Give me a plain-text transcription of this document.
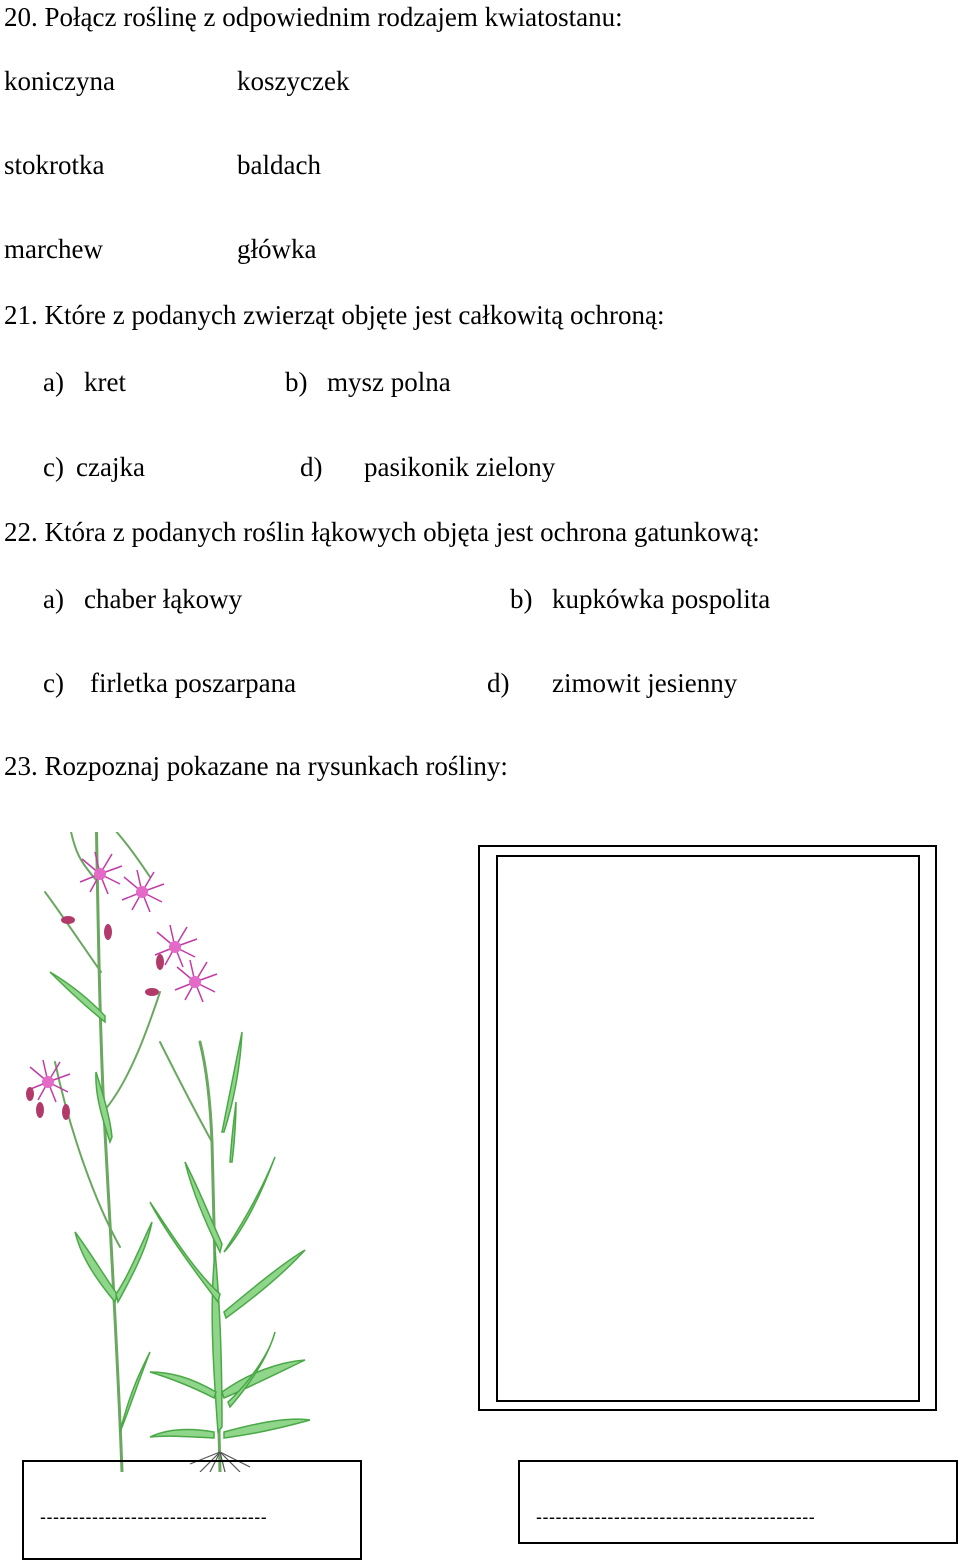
20. Połącz roślinę z odpowiednim rodzajem kwiatostanu:
koniczyna	koszyczek
stokrotka	baldach
marchew	główka
21. Które z podanych zwierząt objęte jest całkowitą ochroną:
a) kret	b) mysz polna
c) czajka	d) pasikonik zielony
22. Która z podanych roślin łąkowych objęta jest ochrona gatunkową:
a) chaber łąkowy	b) kupkówka pospolita
c) firletka poszarpana	d) zimowit jesienny
23. Rozpoznaj pokazane na rysunkach rośliny:
-----------------------------------	-------------------------------------------
